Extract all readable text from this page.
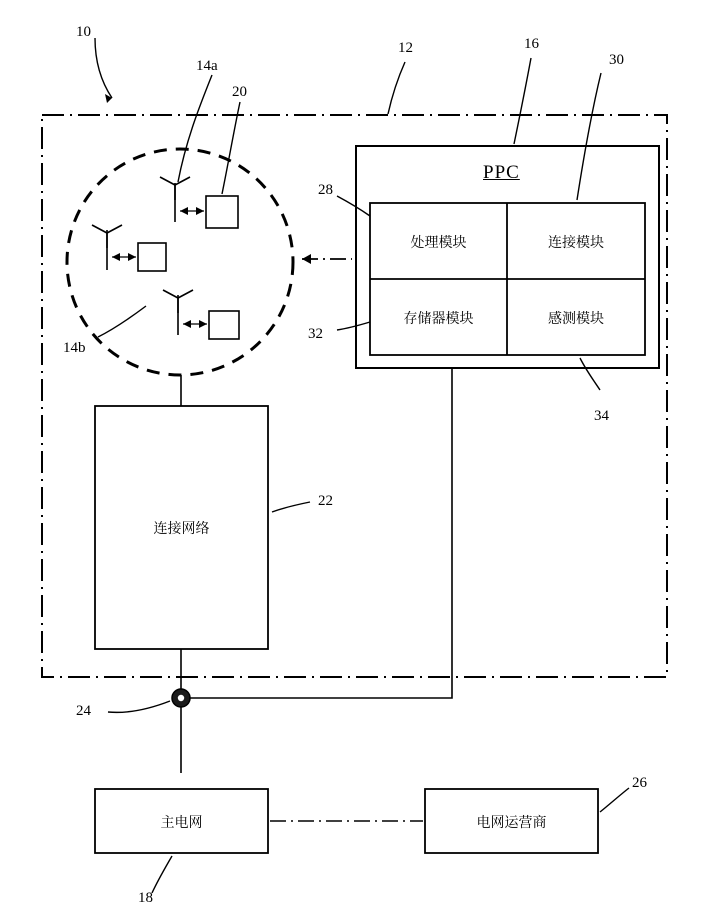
10
12	16
30
14a
20
28
32
34
14b
22
24
26
18
PPC
处理模块	连接模块
存储器模块	感测模块
连接网络
主电网	电网运营商
